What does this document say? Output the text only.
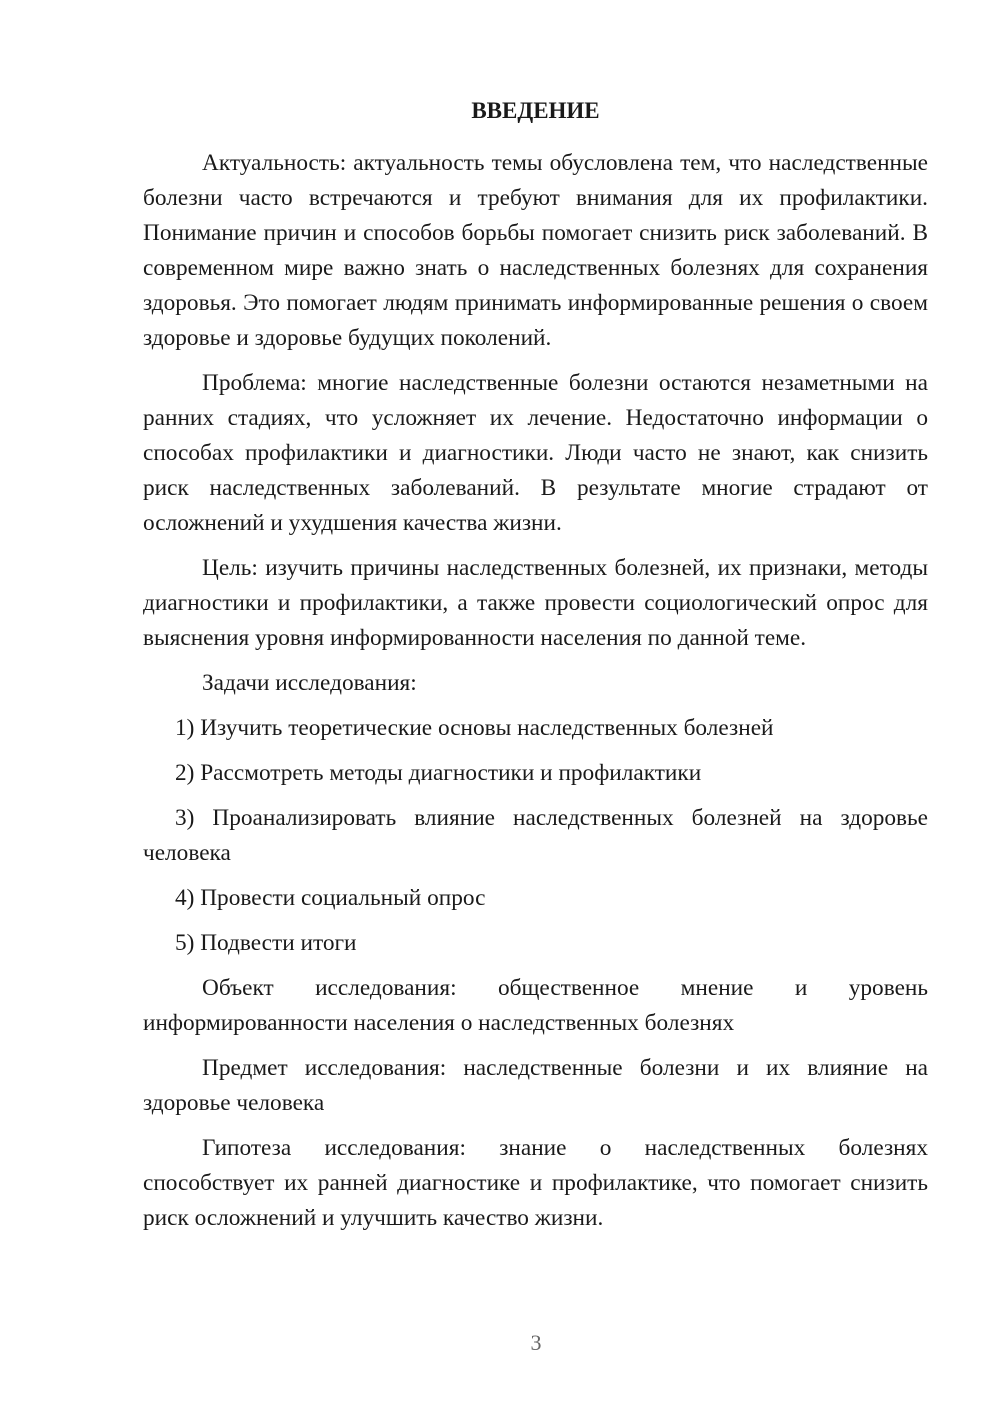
ВВЕДЕНИЕ

Актуальность: актуальность темы обусловлена тем, что наследственные болезни часто встречаются и требуют внимания для их профилактики. Понимание причин и способов борьбы помогает снизить риск заболеваний. В современном мире важно знать о наследственных болезнях для сохранения здоровья. Это помогает людям принимать информированные решения о своем здоровье и здоровье будущих поколений.

Проблема: многие наследственные болезни остаются незаметными на ранних стадиях, что усложняет их лечение. Недостаточно информации о способах профилактики и диагностики. Люди часто не знают, как снизить риск наследственных заболеваний. В результате многие страдают от осложнений и ухудшения качества жизни.

Цель: изучить причины наследственных болезней, их признаки, методы диагностики и профилактики, а также провести социологический опрос для выяснения уровня информированности населения по данной теме.

Задачи исследования:

1) Изучить теоретические основы наследственных болезней

2) Рассмотреть методы диагностики и профилактики

3) Проанализировать влияние наследственных болезней на здоровье человека

4) Провести социальный опрос

5) Подвести итоги

Объект исследования: общественное мнение и уровень информированности населения о наследственных болезнях

Предмет исследования: наследственные болезни и их влияние на здоровье человека

Гипотеза исследования: знание о наследственных болезнях способствует их ранней диагностике и профилактике, что помогает снизить риск осложнений и улучшить качество жизни.

3
